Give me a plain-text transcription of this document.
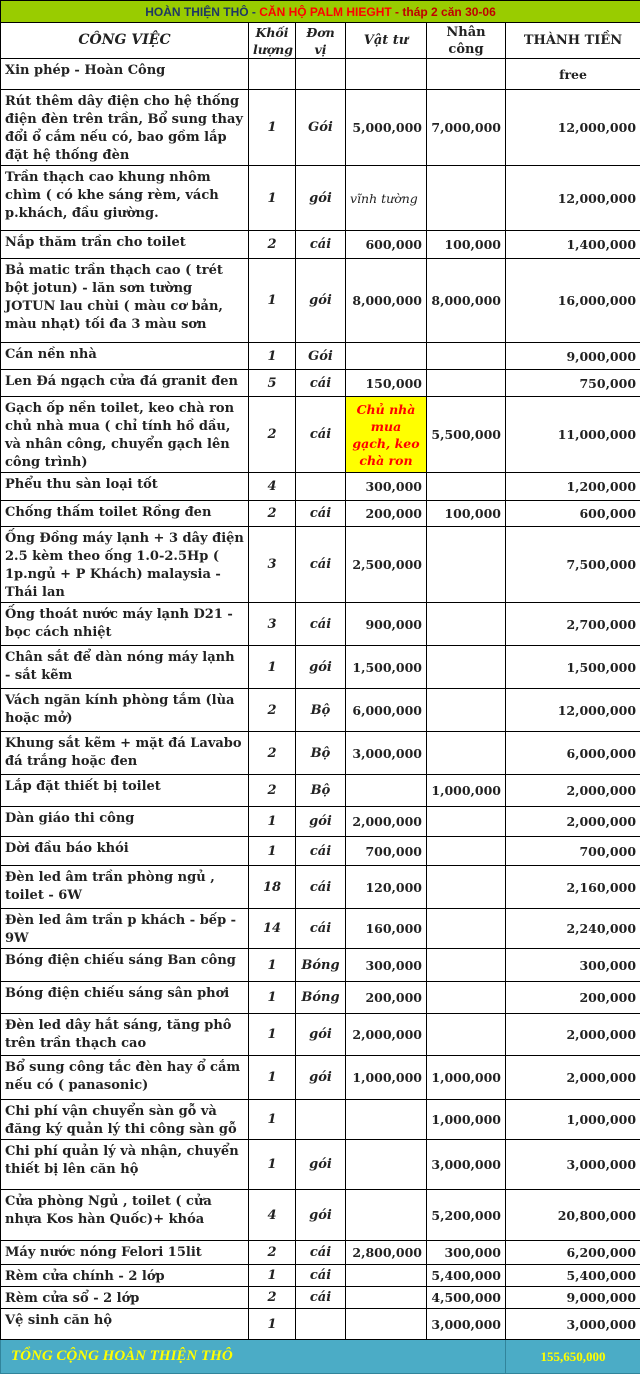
HOÀN THIỆN THÔ - CĂN HỘ PALM HIEGHT - tháp 2 căn 30-06					
CÔNG VIỆC	Khối lượng	Đơn vị	Vật tư	Nhân công	THÀNH TIỀN
Xin phép - Hoàn Công					free
Rút thêm dây điện cho hệ thống điện đèn trên trần, Bổ sung thay đổi ổ cắm nếu có, bao gồm lắp đặt hệ thống đèn	1	Gói	5,000,000	7,000,000	12,000,000
Trần thạch cao khung nhôm chìm ( có khe sáng rèm, vách p.khách, đầu giường.	1	gói	vĩnh tường		12,000,000
Nắp thăm trần cho toilet	2	cái	600,000	100,000	1,400,000
Bả matic trần thạch cao ( trét bột jotun) - lăn sơn tường JOTUN lau chùi ( màu cơ bản, màu nhạt) tối đa 3 màu sơn	1	gói	8,000,000	8,000,000	16,000,000
Cán nền nhà	1	Gói			9,000,000
Len Đá ngạch cửa đá granit đen	5	cái	150,000		750,000
Gạch ốp nền toilet, keo chà ron chủ nhà mua ( chỉ tính hồ dầu, và nhân công, chuyển gạch lên công trình)	2	cái	Chủ nhà mua gạch, keo chà ron	5,500,000	11,000,000
Phểu thu sàn loại tốt	4		300,000		1,200,000
Chống thấm toilet Rồng đen	2	cái	200,000	100,000	600,000
Ống Đồng máy lạnh + 3 dây điện 2.5 kèm theo ống 1.0-2.5Hp ( 1p.ngủ + P Khách) malaysia - Thái lan	3	cái	2,500,000		7,500,000
Ống thoát nước máy lạnh D21 - bọc cách nhiệt	3	cái	900,000		2,700,000
Chân sắt để dàn nóng máy lạnh - sắt kẽm	1	gói	1,500,000		1,500,000
Vách ngăn kính phòng tắm (lùa hoặc mở)	2	Bộ	6,000,000		12,000,000
Khung sắt kẽm + mặt đá Lavabo đá trắng hoặc đen	2	Bộ	3,000,000		6,000,000
Lắp đặt thiết bị toilet	2	Bộ		1,000,000	2,000,000
Dàn giáo thi công	1	gói	2,000,000		2,000,000
Dời đầu báo khói	1	cái	700,000		700,000
Đèn led âm trần phòng ngủ , toilet - 6W	18	cái	120,000		2,160,000
Đèn led âm trần p khách - bếp - 9W	14	cái	160,000		2,240,000
Bóng điện chiếu sáng Ban công	1	Bóng	300,000		300,000
Bóng điện chiếu sáng sân phơi	1	Bóng	200,000		200,000
Đèn led dây hắt sáng, tăng phô trên trần thạch cao	1	gói	2,000,000		2,000,000
Bổ sung công tắc đèn hay ổ cắm nếu có ( panasonic)	1	gói	1,000,000	1,000,000	2,000,000
Chi phí vận chuyển sàn gỗ và đăng ký quản lý thi công sàn gỗ	1			1,000,000	1,000,000
Chi phí quản lý và nhận, chuyển thiết bị lên căn hộ	1	gói		3,000,000	3,000,000
Cửa phòng Ngủ , toilet ( cửa nhựa Kos hàn Quốc)+ khóa	4	gói		5,200,000	20,800,000
Máy nước nóng Felori 15lit	2	cái	2,800,000	300,000	6,200,000
Rèm cửa chính - 2 lớp	1	cái		5,400,000	5,400,000
Rèm cửa sổ - 2 lớp	2	cái		4,500,000	9,000,000
Vệ sinh căn hộ	1			3,000,000	3,000,000
TỔNG CỘNG HOÀN THIỆN THÔ					155,650,000
